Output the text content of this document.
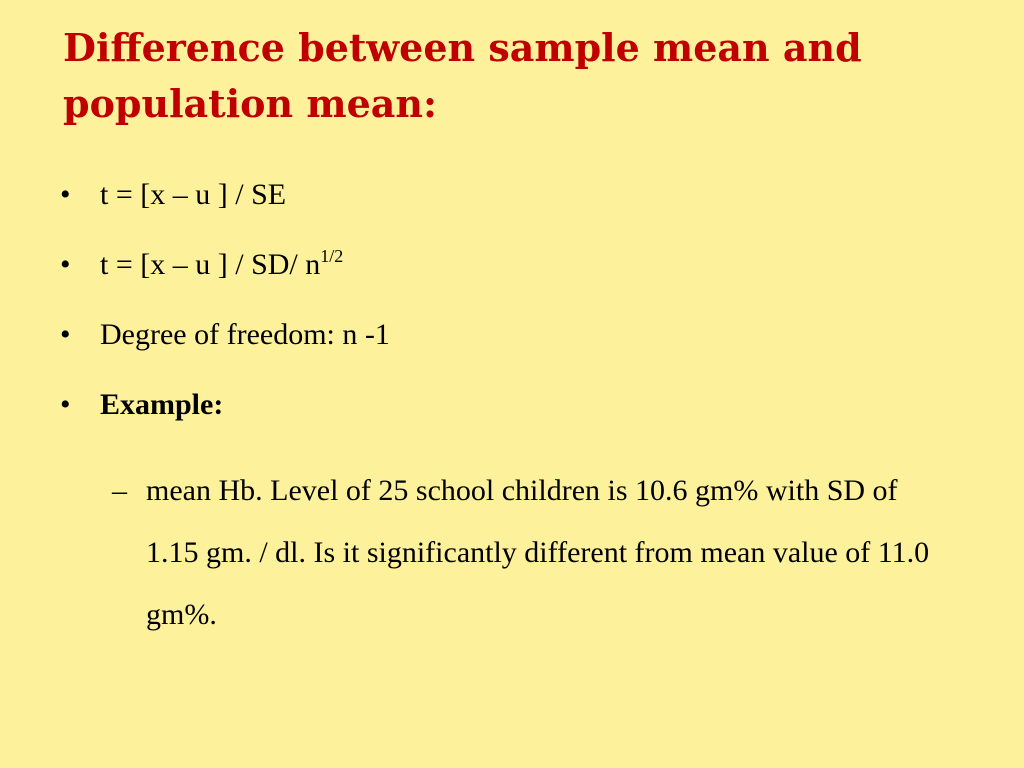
Difference between sample mean and
population mean:
• t = [x – u ] / SE
• t = [x – u ] / SD/ $n^{1/2}$
• Degree of freedom: n -1
• Example:
– mean Hb. Level of 25 school children is 10.6 gm% with SD of 1.15 gm. / dl. Is it significantly different from mean value of 11.0 gm%.
